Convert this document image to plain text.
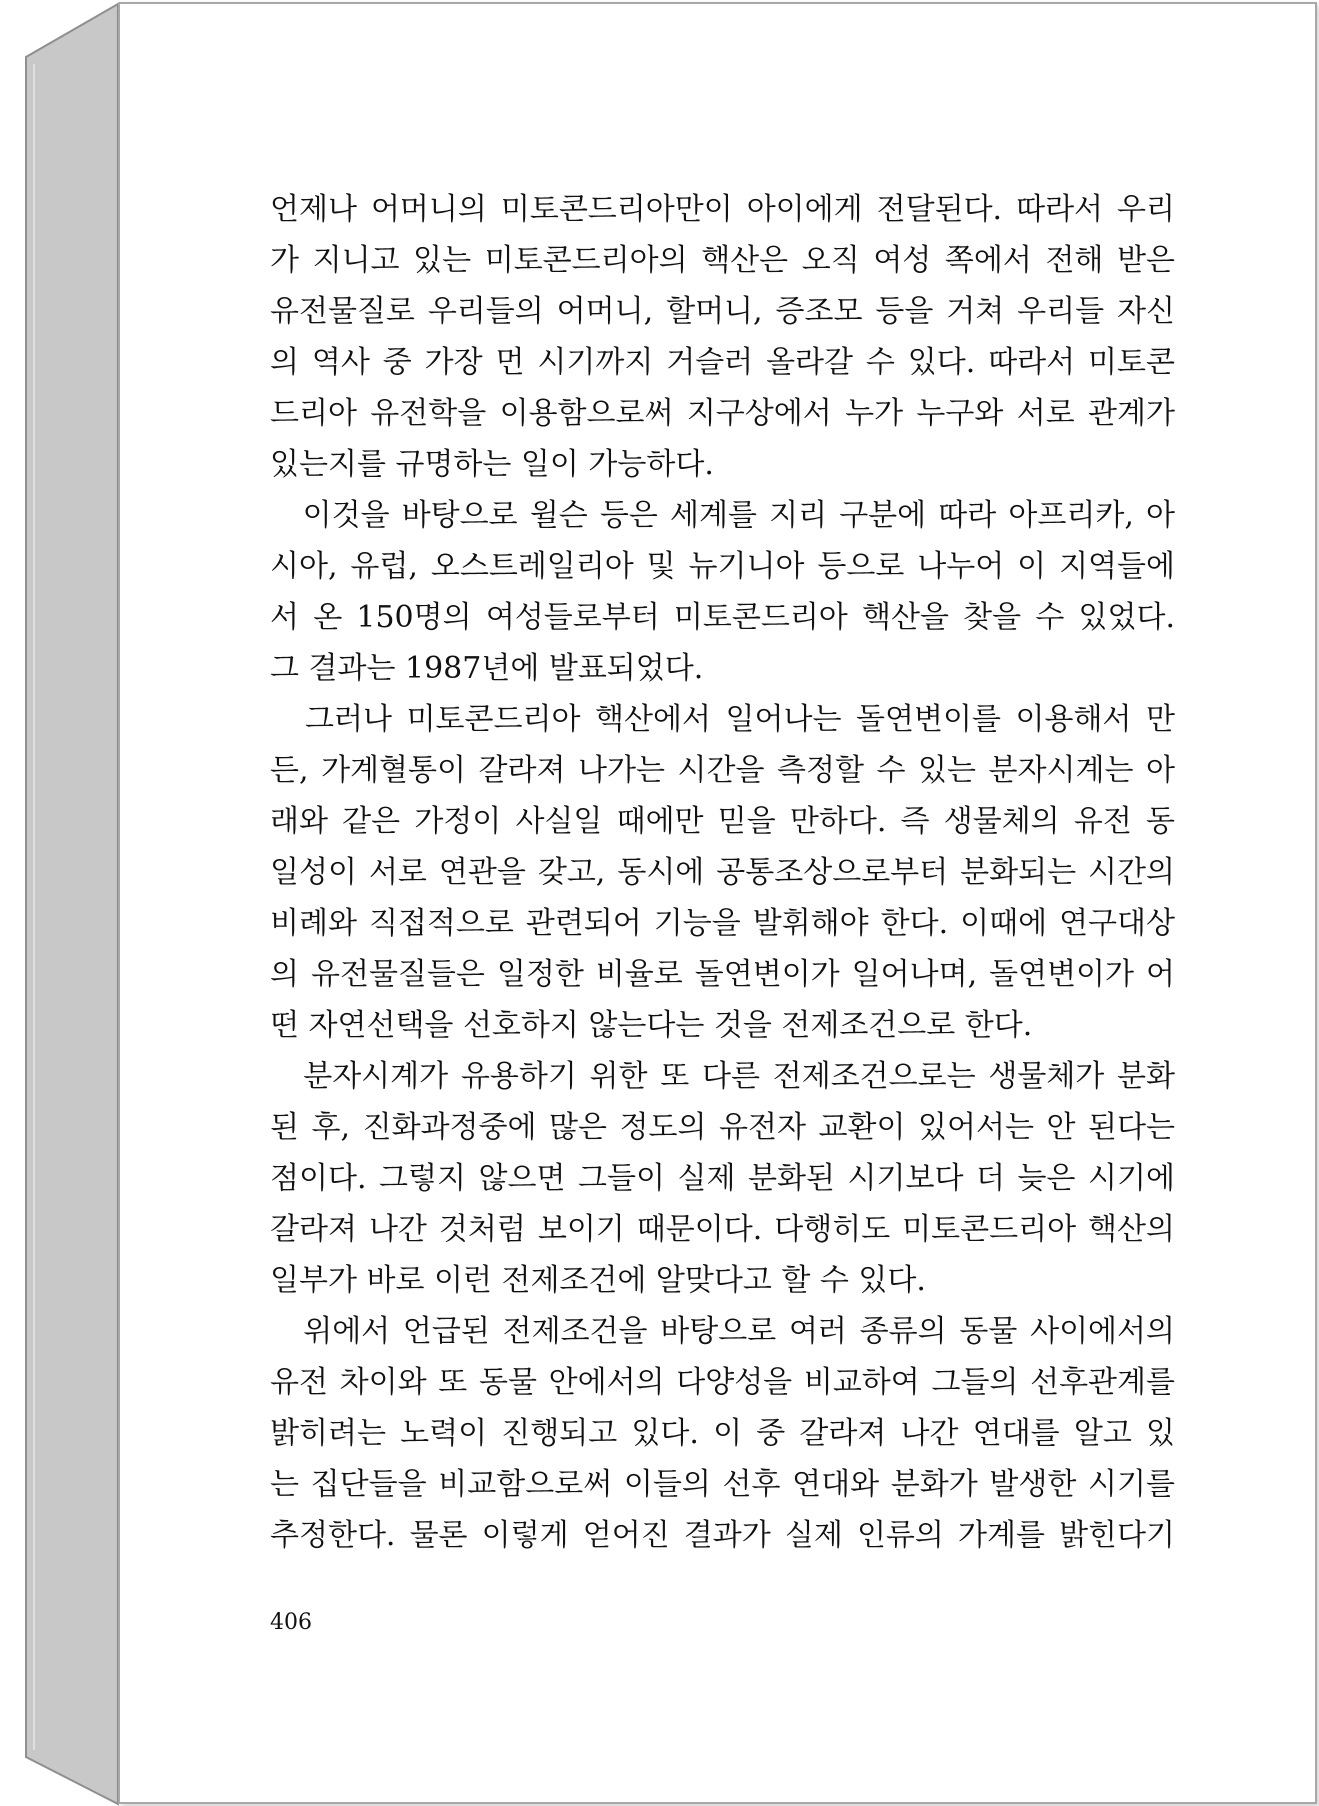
언제나 어머니의 미토콘드리아만이 아이에게 전달된다. 따라서 우리
가 지니고 있는 미토콘드리아의 핵산은 오직 여성 쪽에서 전해 받은
유전물질로 우리들의 어머니, 할머니, 증조모 등을 거쳐 우리들 자신
의 역사 중 가장 먼 시기까지 거슬러 올라갈 수 있다. 따라서 미토콘
드리아 유전학을 이용함으로써 지구상에서 누가 누구와 서로 관계가
있는지를 규명하는 일이 가능하다.
　이것을 바탕으로 윌슨 등은 세계를 지리 구분에 따라 아프리카, 아
시아, 유럽, 오스트레일리아 및 뉴기니아 등으로 나누어 이 지역들에
서 온 150명의 여성들로부터 미토콘드리아 핵산을 찾을 수 있었다.
그 결과는 1987년에 발표되었다.
　그러나 미토콘드리아 핵산에서 일어나는 돌연변이를 이용해서 만
든, 가계혈통이 갈라져 나가는 시간을 측정할 수 있는 분자시계는 아
래와 같은 가정이 사실일 때에만 믿을 만하다. 즉 생물체의 유전 동
일성이 서로 연관을 갖고, 동시에 공통조상으로부터 분화되는 시간의
비례와 직접적으로 관련되어 기능을 발휘해야 한다. 이때에 연구대상
의 유전물질들은 일정한 비율로 돌연변이가 일어나며, 돌연변이가 어
떤 자연선택을 선호하지 않는다는 것을 전제조건으로 한다.
　분자시계가 유용하기 위한 또 다른 전제조건으로는 생물체가 분화
된 후, 진화과정중에 많은 정도의 유전자 교환이 있어서는 안 된다는
점이다. 그렇지 않으면 그들이 실제 분화된 시기보다 더 늦은 시기에
갈라져 나간 것처럼 보이기 때문이다. 다행히도 미토콘드리아 핵산의
일부가 바로 이런 전제조건에 알맞다고 할 수 있다.
　위에서 언급된 전제조건을 바탕으로 여러 종류의 동물 사이에서의
유전 차이와 또 동물 안에서의 다양성을 비교하여 그들의 선후관계를
밝히려는 노력이 진행되고 있다. 이 중 갈라져 나간 연대를 알고 있
는 집단들을 비교함으로써 이들의 선후 연대와 분화가 발생한 시기를
추정한다. 물론 이렇게 얻어진 결과가 실제 인류의 가계를 밝힌다기
406
